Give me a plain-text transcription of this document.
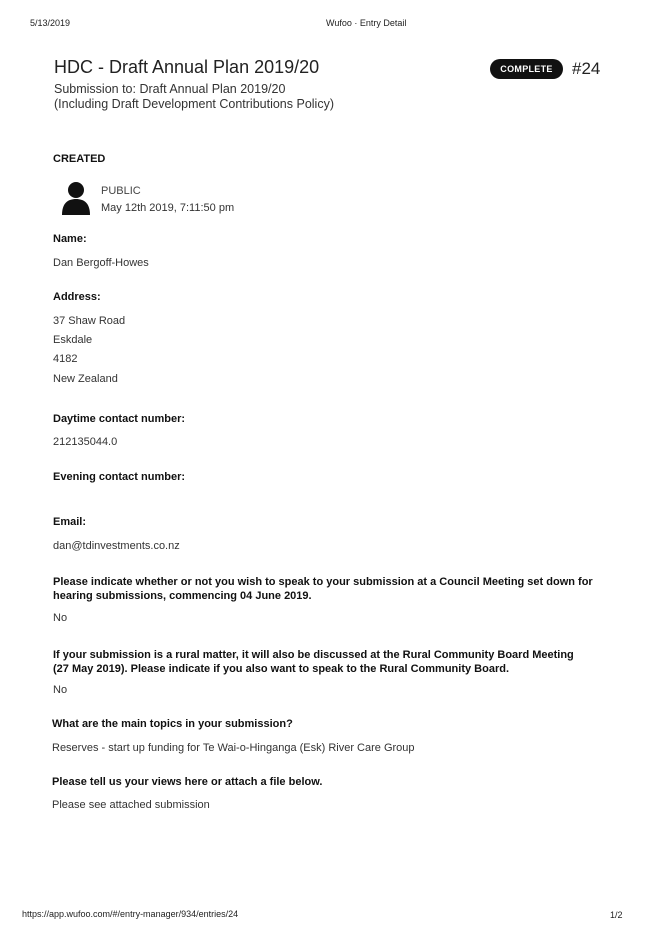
5/13/2019	Wufoo · Entry Detail
HDC - Draft Annual Plan 2019/20
Submission to: Draft Annual Plan 2019/20
(Including Draft Development Contributions Policy)
COMPLETE	#24
CREATED
PUBLIC
May 12th 2019, 7:11:50 pm
Name:
Dan Bergoff-Howes
Address:
37 Shaw Road
Eskdale
4182
New Zealand
Daytime contact number:
212135044.0
Evening contact number:
Email:
dan@tdinvestments.co.nz
Please indicate whether or not you wish to speak to your submission at a Council Meeting set down for
hearing submissions, commencing 04 June 2019.
No
If your submission is a rural matter, it will also be discussed at the Rural Community Board Meeting
(27 May 2019). Please indicate if you also want to speak to the Rural Community Board.
No
What are the main topics in your submission?
Reserves - start up funding for Te Wai-o-Hinganga (Esk) River Care Group
Please tell us your views here or attach a file below.
Please see attached submission
https://app.wufoo.com/#/entry-manager/934/entries/24	1/2
